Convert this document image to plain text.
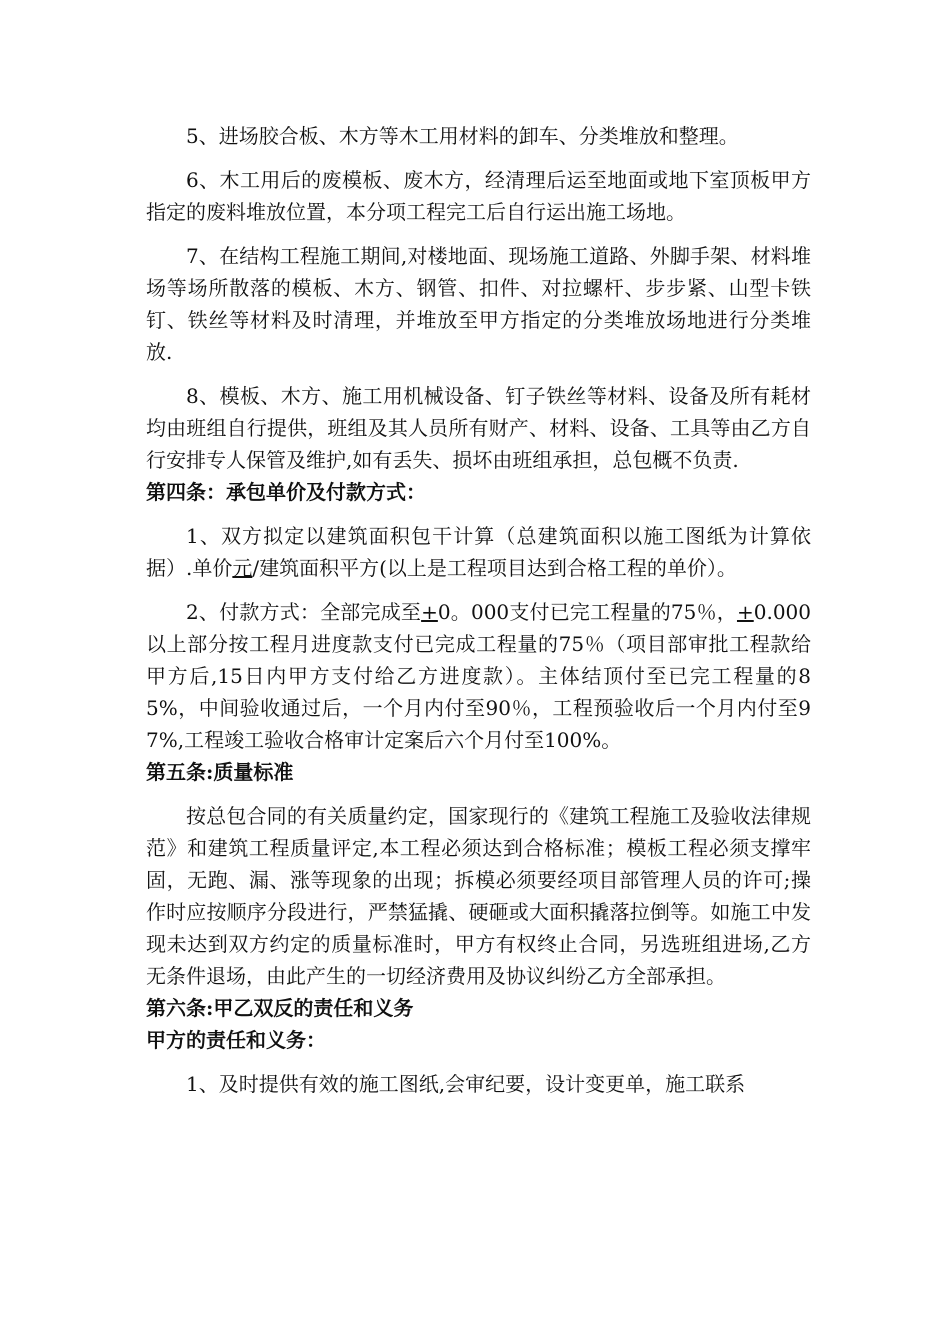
5、进场胶合板、木方等木工用材料的卸车、分类堆放和整理。

6、木工用后的废模板、废木方，经清理后运至地面或地下室顶板甲方指定的废料堆放位置，本分项工程完工后自行运出施工场地。

7、在结构工程施工期间,对楼地面、现场施工道路、外脚手架、材料堆场等场所散落的模板、木方、钢管、扣件、对拉螺杆、步步紧、山型卡铁钉、铁丝等材料及时清理，并堆放至甲方指定的分类堆放场地进行分类堆放.

8、模板、木方、施工用机械设备、钉子铁丝等材料、设备及所有耗材均由班组自行提供，班组及其人员所有财产、材料、设备、工具等由乙方自行安排专人保管及维护,如有丢失、损坏由班组承担，总包概不负责.

第四条：承包单价及付款方式：

1、双方拟定以建筑面积包干计算（总建筑面积以施工图纸为计算依据）.单价元/建筑面积平方(以上是工程项目达到合格工程的单价）。

2、付款方式：全部完成至+0。000支付已完工程量的75％，+0.000以上部分按工程月进度款支付已完成工程量的75％（项目部审批工程款给甲方后,15日内甲方支付给乙方进度款）。主体结顶付至已完工程量的85%，中间验收通过后，一个月内付至90％，工程预验收后一个月内付至97%,工程竣工验收合格审计定案后六个月付至100%。

第五条:质量标准

按总包合同的有关质量约定，国家现行的《建筑工程施工及验收法律规范》和建筑工程质量评定,本工程必须达到合格标准；模板工程必须支撑牢固，无跑、漏、涨等现象的出现；拆模必须要经项目部管理人员的许可;操作时应按顺序分段进行，严禁猛撬、硬砸或大面积撬落拉倒等。如施工中发现未达到双方约定的质量标准时，甲方有权终止合同，另选班组进场,乙方无条件退场，由此产生的一切经济费用及协议纠纷乙方全部承担。

第六条:甲乙双反的责任和义务
甲方的责任和义务：

1、及时提供有效的施工图纸,会审纪要，设计变更单，施工联系
